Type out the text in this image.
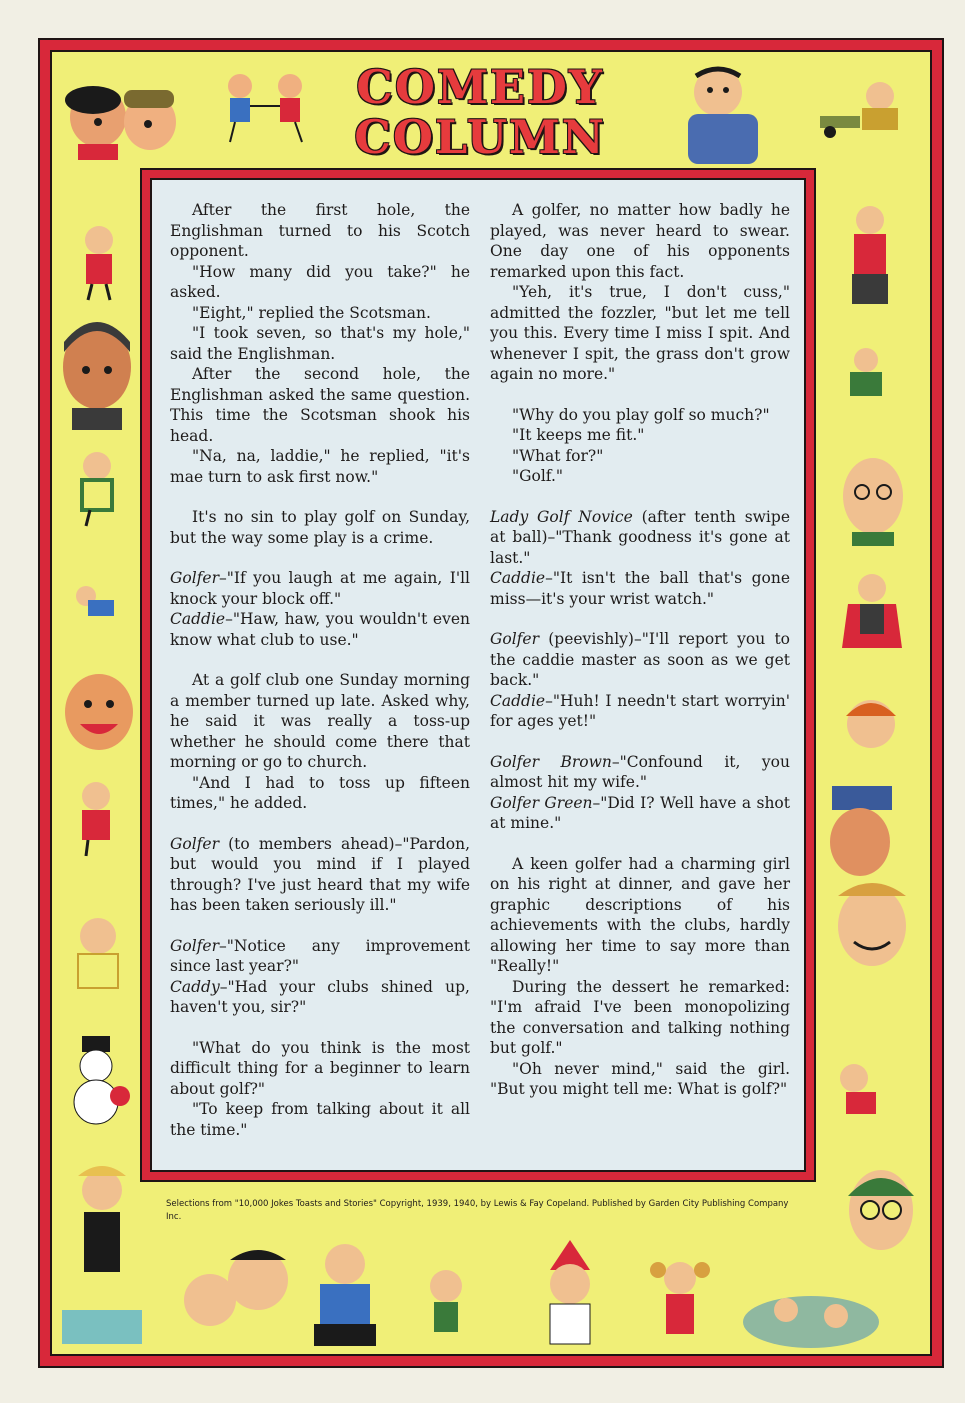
COMEDY
COLUMN

After the first hole, the Englishman turned to his Scotch opponent.

"How many did you take?" he asked.

"Eight," replied the Scotsman.

"I took seven, so that's my hole," said the Englishman.

After the second hole, the Englishman asked the same question. This time the Scotsman shook his head.

"Na, na, laddie," he replied, "it's mae turn to ask first now."

It's no sin to play golf on Sunday, but the way some play is a crime.

Golfer–"If you laugh at me again, I'll knock your block off."

Caddie–"Haw, haw, you wouldn't even know what club to use."

At a golf club one Sunday morning a member turned up late. Asked why, he said it was really a toss-up whether he should come there that morning or go to church.

"And I had to toss up fifteen times," he added.

Golfer (to members ahead)–"Pardon, but would you mind if I played through? I've just heard that my wife has been taken seriously ill."

Golfer–"Notice any improvement since last year?"

Caddy–"Had your clubs shined up, haven't you, sir?"

"What do you think is the most difficult thing for a beginner to learn about golf?"

"To keep from talking about it all the time."

A golfer, no matter how badly he played, was never heard to swear. One day one of his opponents remarked upon this fact.

"Yeh, it's true, I don't cuss," admitted the fozzler, "but let me tell you this. Every time I miss I spit. And whenever I spit, the grass don't grow again no more."

"Why do you play golf so much?"

"It keeps me fit."

"What for?"

"Golf."

Lady Golf Novice (after tenth swipe at ball)–"Thank goodness it's gone at last."

Caddie–"It isn't the ball that's gone miss—it's your wrist watch."

Golfer (peevishly)–"I'll report you to the caddie master as soon as we get back."

Caddie–"Huh! I needn't start worryin' for ages yet!"

Golfer Brown–"Confound it, you almost hit my wife."

Golfer Green–"Did I? Well have a shot at mine."

A keen golfer had a charming girl on his right at dinner, and gave her graphic descriptions of his achievements with the clubs, hardly allowing her time to say more than "Really!"

During the dessert he remarked: "I'm afraid I've been monopolizing the conversation and talking nothing but golf."

"Oh never mind," said the girl. "But you might tell me: What is golf?"

Selections from "10,000 Jokes Toasts and Stories" Copyright, 1939, 1940, by Lewis & Fay Copeland. Published by Garden City Publishing Company Inc.
